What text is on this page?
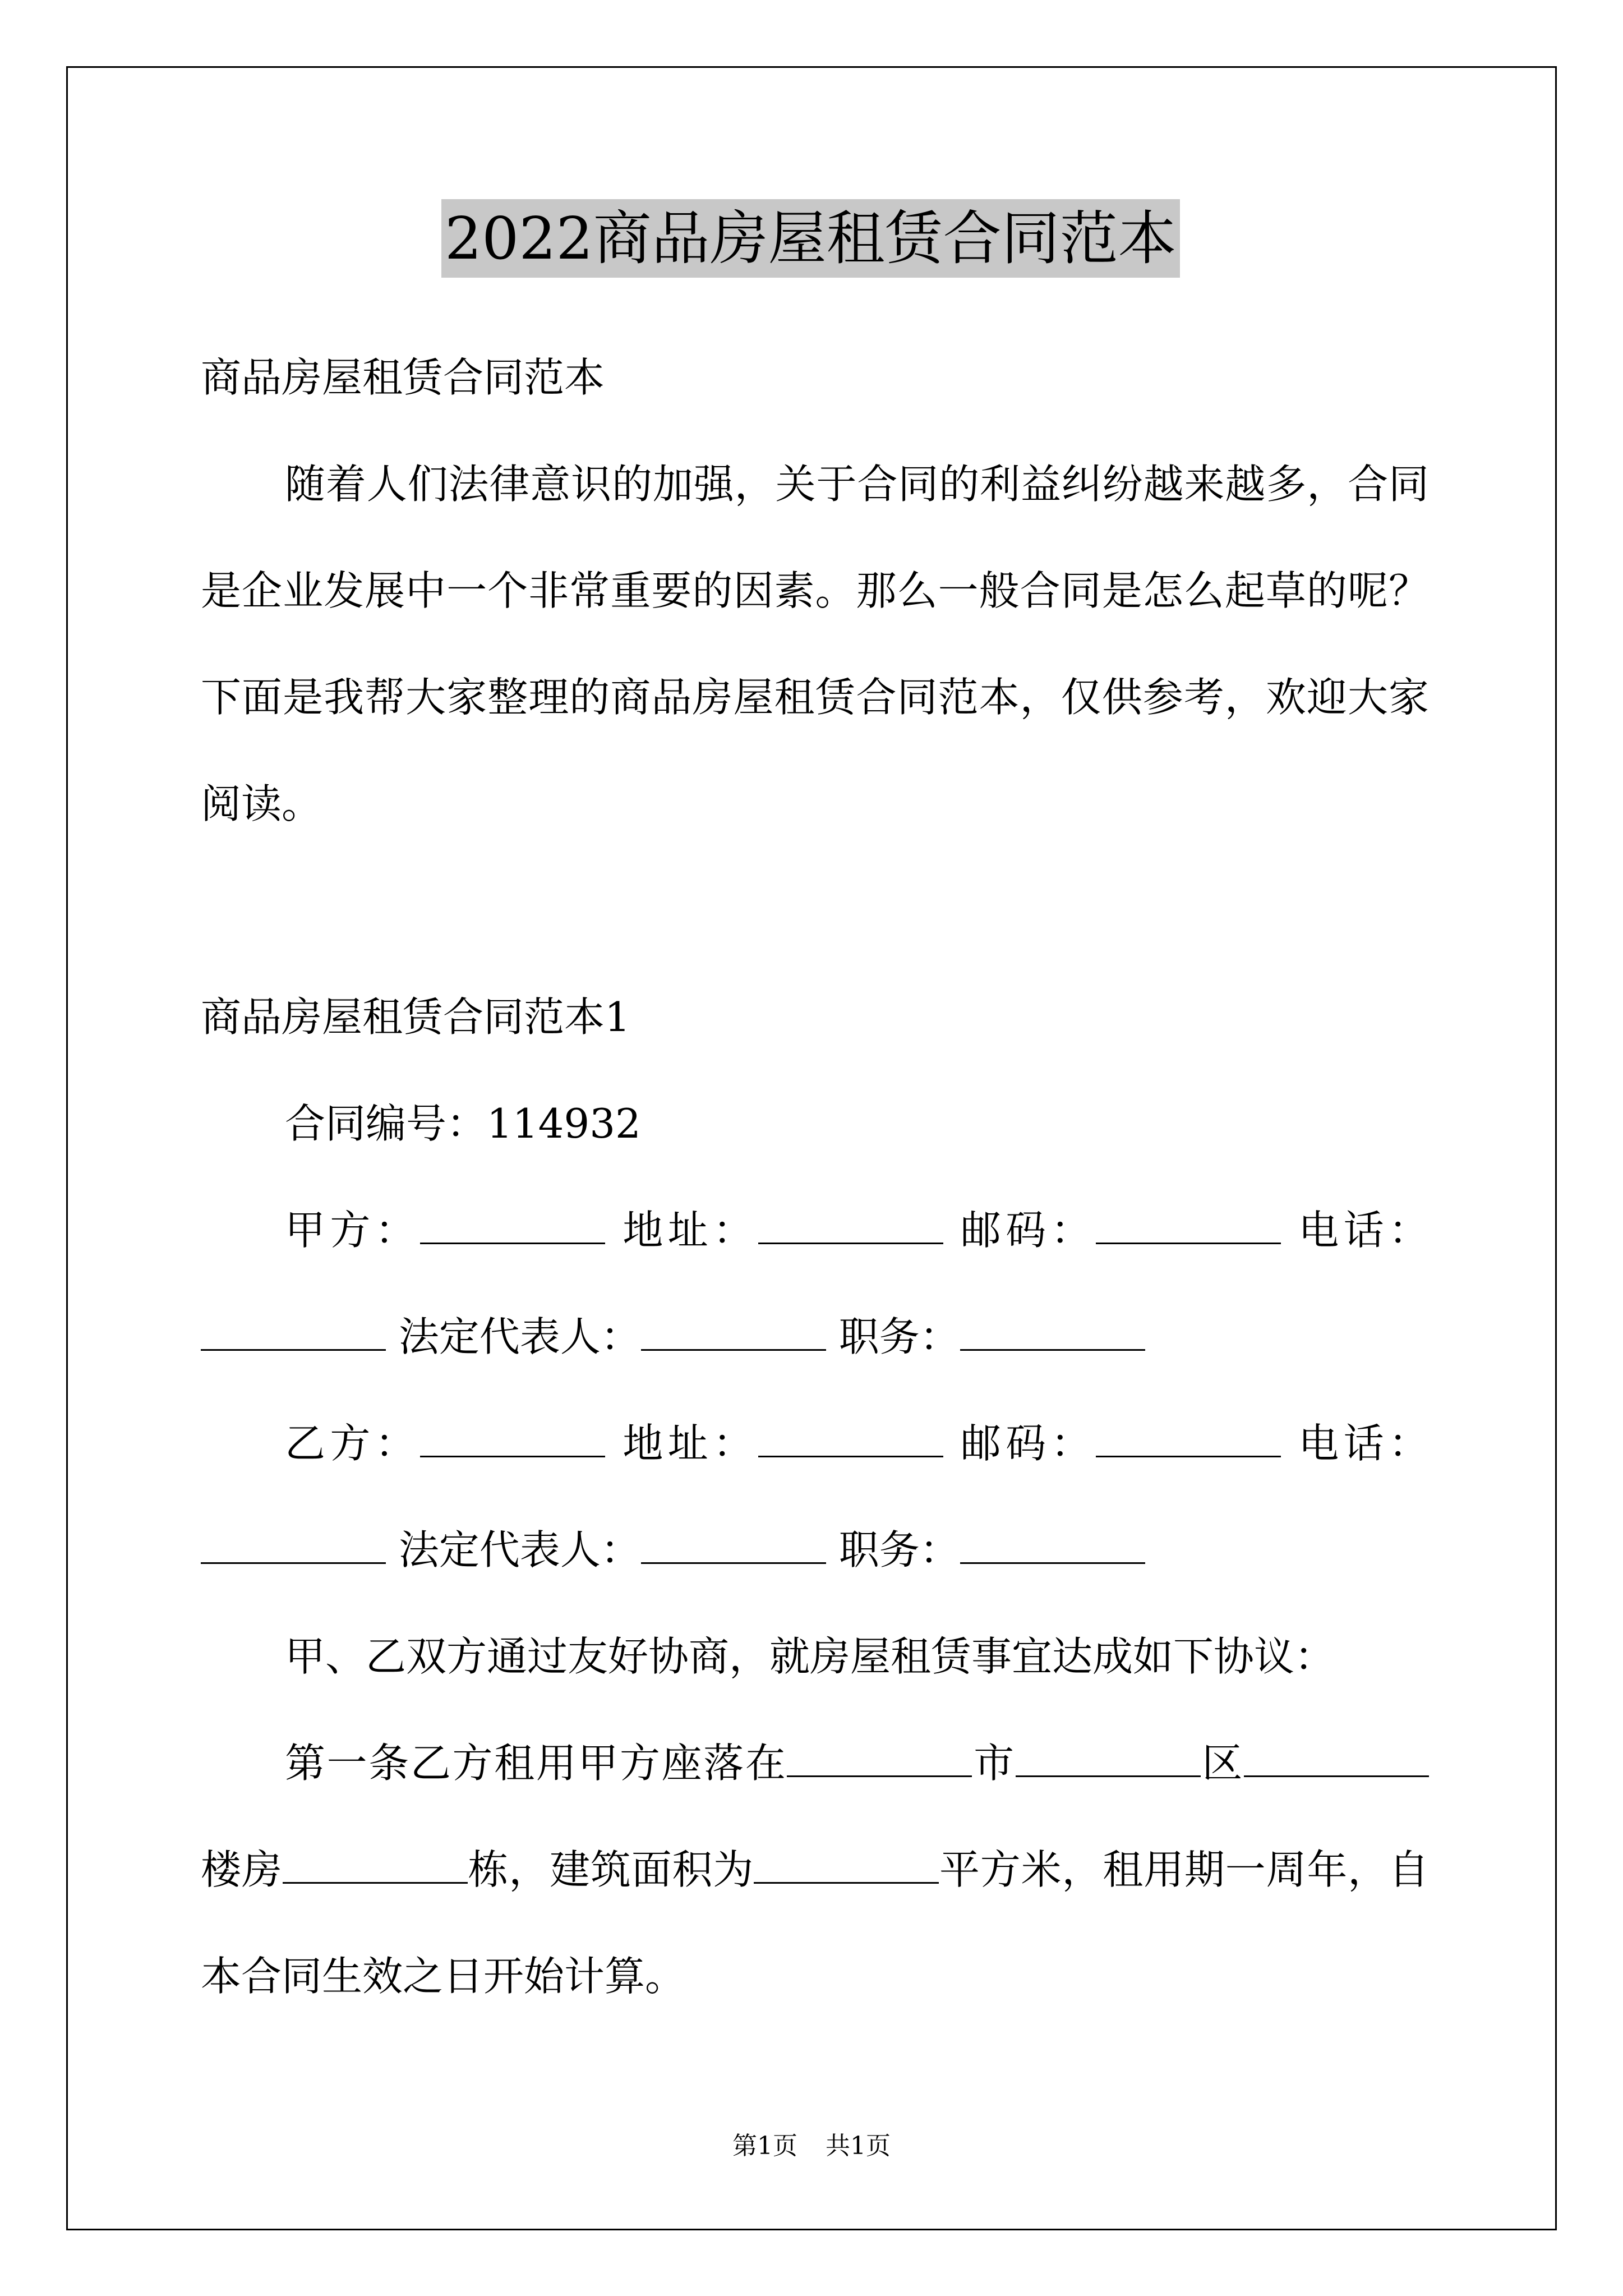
2022商品房屋租赁合同范本
商品房屋租赁合同范本
随着人们法律意识的加强，关于合同的利益纠纷越来越多，合同
是企业发展中一个非常重要的因素。那么一般合同是怎么起草的呢？
下面是我帮大家整理的商品房屋租赁合同范本，仅供参考，欢迎大家
阅读。
商品房屋租赁合同范本1
合同编号：114932
甲方：	地址：	邮码：	电话：
法定代表人：	职务：
乙方：	地址：	邮码：	电话：
法定代表人：	职务：
甲、乙双方通过友好协商，就房屋租赁事宜达成如下协议：
第一条乙方租用甲方座落在	市	区
楼房	栋，建筑面积为	平方米，租用期一周年，自
本合同生效之日开始计算。
第1页 共1页
